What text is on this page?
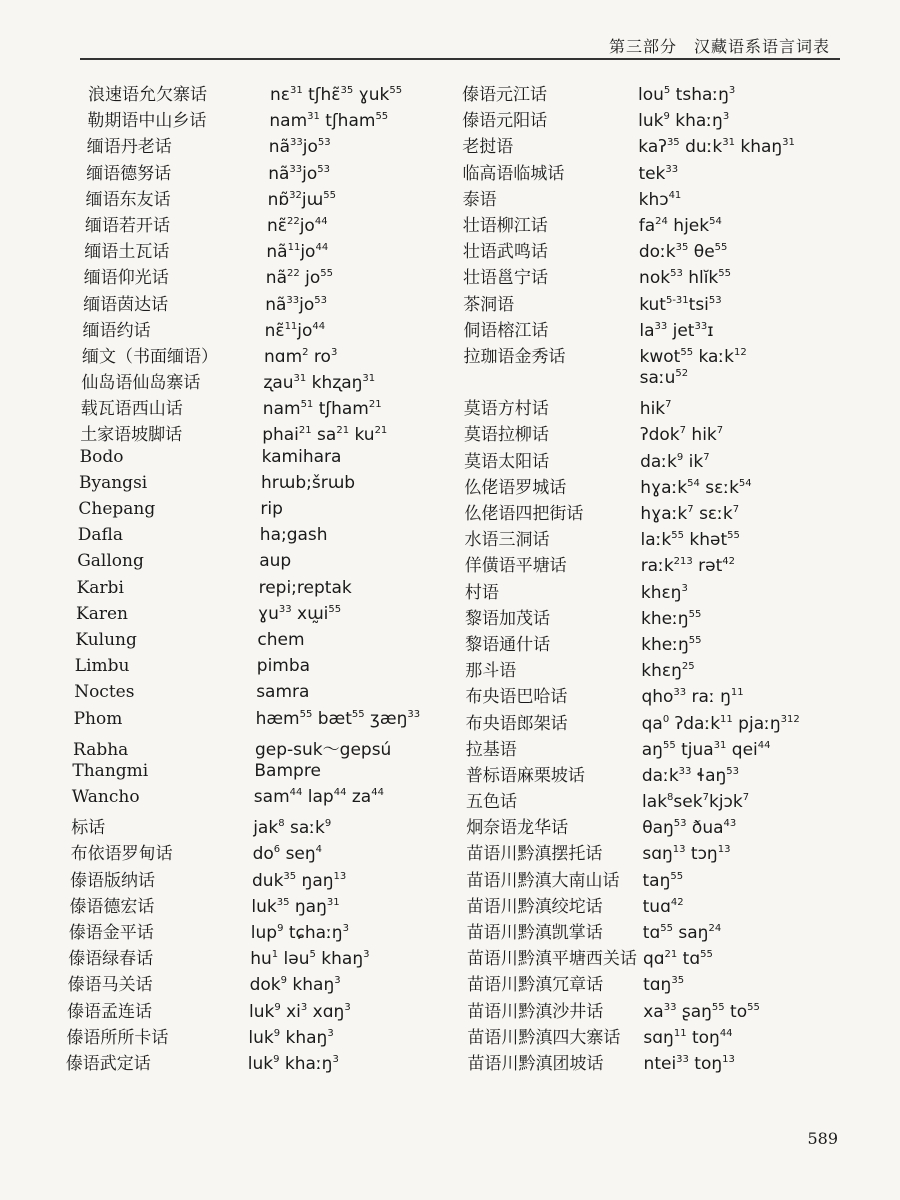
第三部分　汉藏语系语言词表
浪速语允欠寨话	nɛ$^{31}$ tʃhɛ̃$^{35}$ ɣuk$^{55}$
勒期语中山乡话	nam$^{31}$ tʃham$^{55}$
缅语丹老话	$nã^{33}jo^{53}$
缅语德努话	$nã^{33}jo^{53}$
缅语东友话	nɒ̃$^{32}$jɯ$^{55}$
缅语若开话	$nɛ̃^{22}jo^{44}$
缅语土瓦话	$nã^{11}jo^{44}$
缅语仰光话	$nã^{22}$ $jo^{55}$
缅语茵达话	$nã^{33}jo^{53}$
缅语约话	$nɛ̃^{11}jo^{44}$
缅文（书面缅语）	nɑm$^2$ $ro^3$
仙岛语仙岛寨话	ʐau$^{31}$ khʐaŋ$^{31}$
载瓦语西山话	nam$^{51}$ tʃham$^{21}$
土家语坡脚话	phai$^{21}$ $sa^{21}$ $ku^{21}$
Bodo	kamihara
Byangsi	hrɯb;šrɯb
Chepang	rip
Dafla	ha;gash
Gallong	aup
Karbi	repi;reptak
Karen	ɣu$^{33}$ $xɯ̰i^{55}$
Kulung	chem
Limbu	pimba
Noctes	samra
Phom	hæm$^{55}$ bæt$^{55}$ ʒæŋ$^{33}$
Rabha	gep-suk～gepsú
Thangmi	Bampre
Wancho	sam$^{44}$ lap$^{44}$ $za^{44}$
标话	jak$^8$ saːk$^9$
布依语罗甸话	$do^6$ seŋ$^4$
傣语版纳话	duk$^{35}$ ŋaŋ$^{13}$
傣语德宏话	luk$^{35}$ ŋaŋ$^{31}$
傣语金平话	lup$^9$ tɕhaːŋ$^3$
傣语绿春话	$hu^1$ ləu$^5$ khaŋ$^3$
傣语马关话	dok$^9$ khaŋ$^3$
傣语孟连话	luk$^9$ $xi^3$ xɑŋ$^3$
傣语所所卡话	luk$^9$ khaŋ$^3$
傣语武定话	luk$^9$ khaːŋ$^3$
傣语元江话	lou$^5$ tshaːŋ$^3$
傣语元阳话	luk$^9$ khaːŋ$^3$
老挝语	kaʔ$^{35}$ duːk$^{31}$ khaŋ$^{31}$
临高语临城话	tek$^{33}$
泰语	khɔ$^{41}$
壮语柳江话	$fa^{24}$ hjek$^{54}$
壮语武鸣话	doːk$^{35}$ $\theta e^{55}$
壮语邕宁话	nok$^{53}$ hlĭk$^{55}$
茶洞语	kut$^{5-31}$tsi$^{53}$
侗语榕江话	$la^{33}$ jet$^{33}$ɪ
拉珈语金秀话	kwot$^{55}$ kaːk$^{12}$
saːu$^{52}$
莫语方村话	hik$^7$
莫语拉柳话	ʔdok$^7$ hik$^7$
莫语太阳话	daːk$^9$ $ik^7$
仫佬语罗城话	hɣaːk$^{54}$ sɛːk$^{54}$
仫佬语四把街话	hɣaːk$^7$ sɛːk$^7$
水语三洞话	laːk$^{55}$ khət$^{55}$
佯僙语平塘话	raːk$^{213}$ rət$^{42}$
村语	khɛŋ$^3$
黎语加茂话	kheːŋ$^{55}$
黎语通什话	kheːŋ$^{55}$
那斗语	khɛŋ$^{25}$
布央语巴哈话	qho$^{33}$ raː $ŋ^{11}$
布央语郎架话	$qa^0$ ʔdaːk$^{11}$ pjaːŋ$^{312}$
拉基语	$aŋ^{55}$ tjua$^{31}$ qei$^{44}$
普标语麻栗坡话	daːk$^{33}$ ɬaŋ$^{53}$
五色话	lak$^8$sek$^7$kjɔk$^7$
炯奈语龙华话	θaŋ$^{53}$ ðua$^{43}$
苗语川黔滇摆托话	sɑŋ$^{13}$ tɔŋ$^{13}$
苗语川黔滇大南山话	taŋ$^{55}$
苗语川黔滇绞坨话	tuɑ$^{42}$
苗语川黔滇凯掌话	tɑ$^{55}$ saŋ$^{24}$
苗语川黔滇平塘西关话 qɑ$^{21}$ tɑ$^{55}$
苗语川黔滇冗章话	tɑŋ$^{35}$
苗语川黔滇沙井话	$xa^{33}$ ʂaŋ$^{55}$ $to^{55}$
苗语川黔滇四大寨话	sɑŋ$^{11}$ toŋ$^{44}$
苗语川黔滇团坡话	ntei$^{33}$ toŋ$^{13}$
589
